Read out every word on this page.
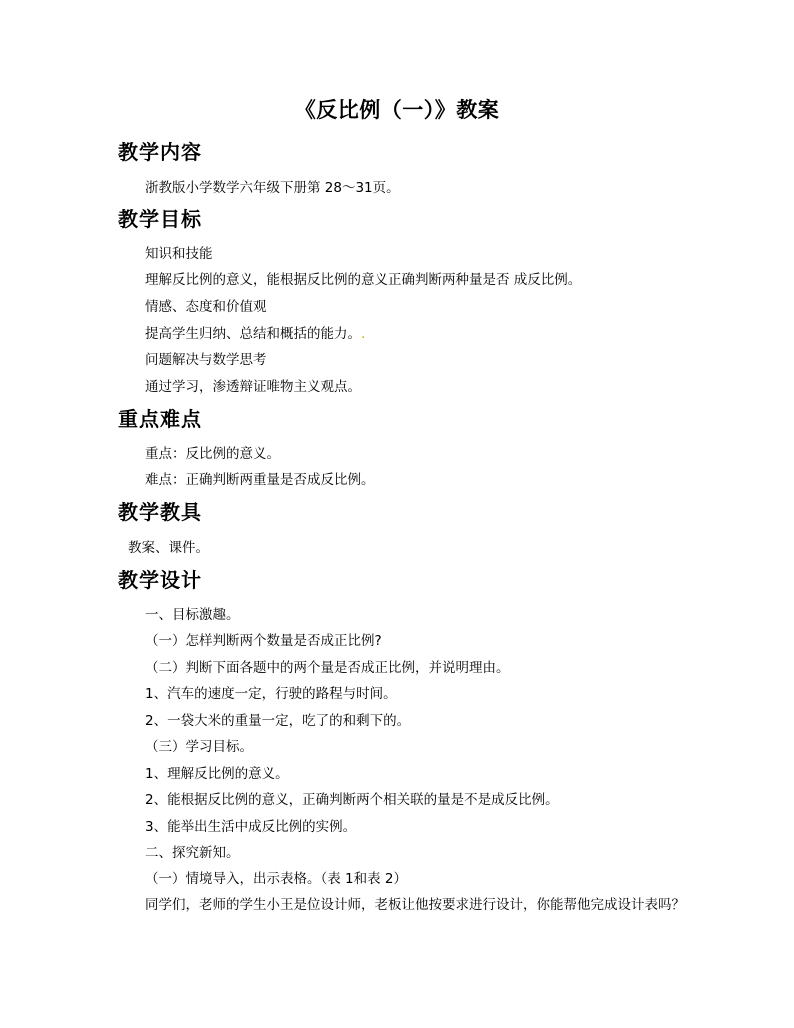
《反比例（一）》教案
教学内容
浙教版小学数学六年级下册第 28～31页。
教学目标
知识和技能
理解反比例的意义，能根据反比例的意义正确判断两种量是否 成反比例。
情感、态度和价值观
提高学生归纳、总结和概括的能力。.
问题解决与数学思考
通过学习，渗透辩证唯物主义观点。
重点难点
重点：反比例的意义。
难点：正确判断两重量是否成反比例。
教学教具
教案、课件。
教学设计
一、目标激趣。
（一）怎样判断两个数量是否成正比例?
（二）判断下面各题中的两个量是否成正比例，并说明理由。
1、汽车的速度一定，行驶的路程与时间。
2、一袋大米的重量一定，吃了的和剩下的。
（三）学习目标。
1、理解反比例的意义。
2、能根据反比例的意义，正确判断两个相关联的量是不是成反比例。
3、能举出生活中成反比例的实例。
二、探究新知。
（一）情境导入，出示表格。（表 1和表 2）
同学们，老师的学生小王是位设计师，老板让他按要求进行设计，你能帮他完成设计表吗？
